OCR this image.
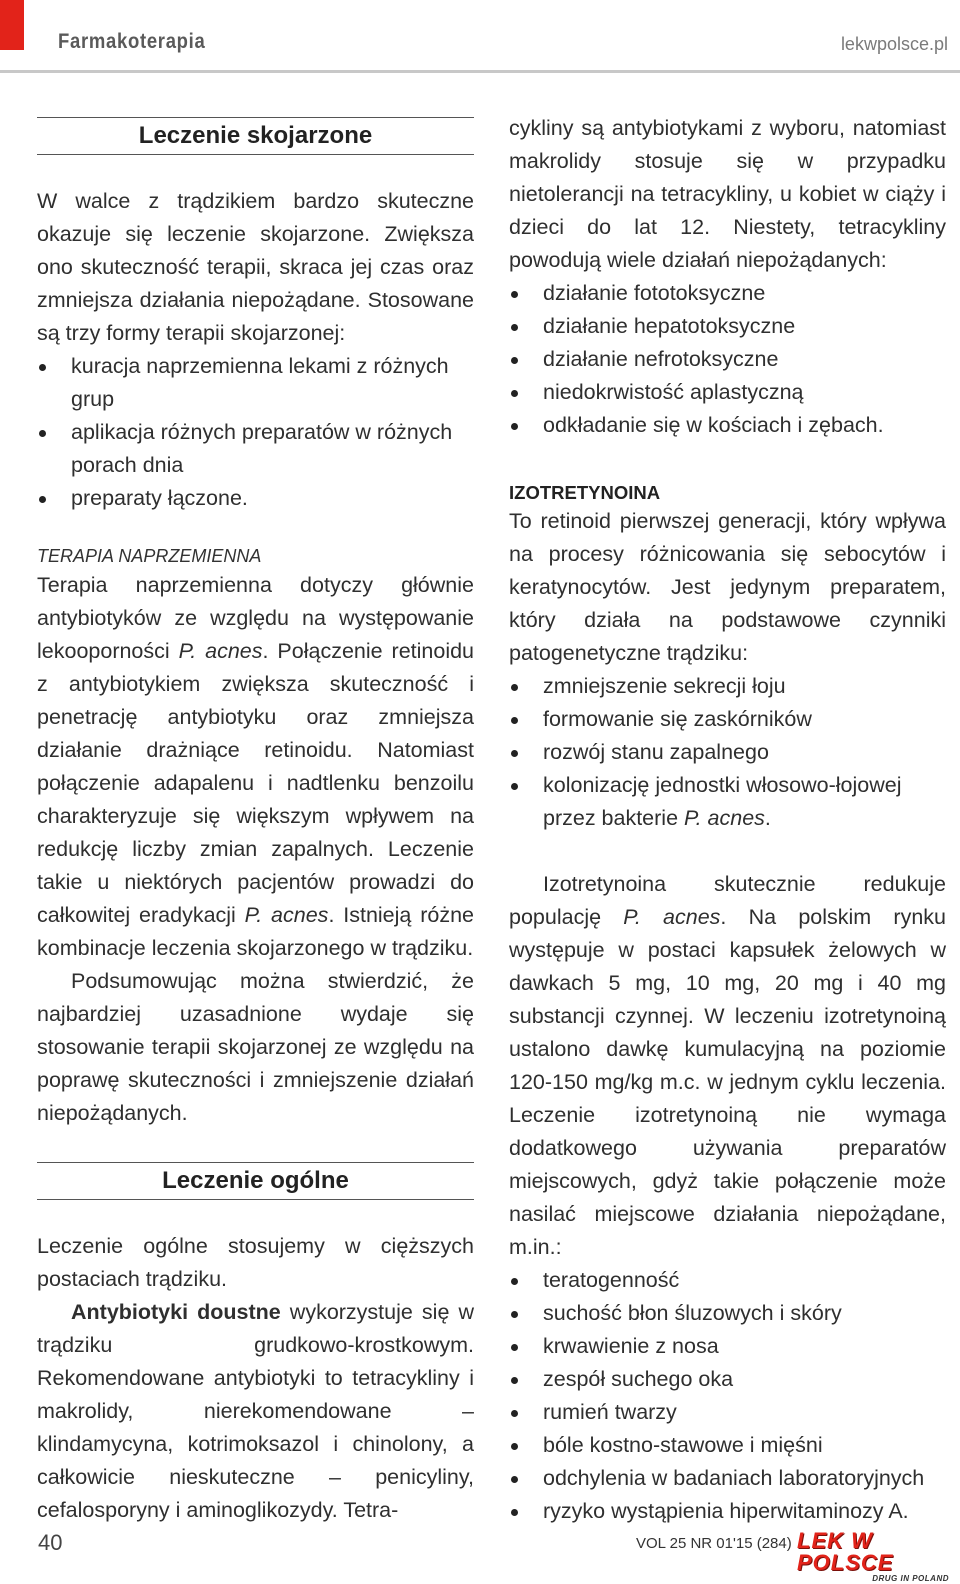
Farmakoterapia	lekwpolsce.pl
Leczenie skojarzone

W walce z trądzikiem bardzo skuteczne okazuje się leczenie skojarzone. Zwiększa ono skuteczność terapii, skraca jej czas oraz zmniejsza działania niepożądane. Stosowane są trzy formy terapii skojarzonej:

kuracja naprzemienna lekami z różnych grup
aplikacja różnych preparatów w różnych porach dnia
preparaty łączone.
TERAPIA NAPRZEMIENNA

Terapia naprzemienna dotyczy głównie antybiotyków ze względu na występowanie lekooporności P. acnes. Połączenie retinoidu z antybiotykiem zwiększa skuteczność i penetrację antybiotyku oraz zmniejsza działanie drażniące retinoidu. Natomiast połączenie adapalenu i nadtlenku benzoilu charakteryzuje się większym wpływem na redukcję liczby zmian zapalnych. Leczenie takie u niektórych pacjentów prowadzi do całkowitej eradykacji P. acnes. Istnieją różne kombinacje leczenia skojarzonego w trądziku.

Podsumowując można stwierdzić, że najbardziej uzasadnione wydaje się stosowanie terapii skojarzonej ze względu na poprawę skuteczności i zmniejszenie działań niepożądanych.

Leczenie ogólne

Leczenie ogólne stosujemy w cięższych postaciach trądziku.

Antybiotyki doustne wykorzystuje się w trądziku grudkowo-krostkowym. Rekomendowane antybiotyki to tetracykliny i makrolidy, nierekomendowane – klindamycyna, kotrimoksazol i chinolony, a całkowicie nieskuteczne – penicyliny, cefalosporyny i aminoglikozydy. Tetra-

cykliny są antybiotykami z wyboru, natomiast makrolidy stosuje się w przypadku nietolerancji na tetracykliny, u kobiet w ciąży i dzieci do lat 12. Niestety, tetracykliny powodują wiele działań niepożądanych:

działanie fototoksyczne
działanie hepatotoksyczne
działanie nefrotoksyczne
niedokrwistość aplastyczną
odkładanie się w kościach i zębach.
IZOTRETYNOINA

To retinoid pierwszej generacji, który wpływa na procesy różnicowania się sebocytów i keratynocytów. Jest jedynym preparatem, który działa na podstawowe czynniki patogenetyczne trądziku:

zmniejszenie sekrecji łoju
formowanie się zaskórników
rozwój stanu zapalnego
kolonizację jednostki włosowo-łojowej przez bakterie P. acnes.

Izotretynoina skutecznie redukuje populację P. acnes. Na polskim rynku występuje w postaci kapsułek żelowych w dawkach 5 mg, 10 mg, 20 mg i 40 mg substancji czynnej. W leczeniu izotretynoiną ustalono dawkę kumulacyjną na poziomie 120-150 mg/kg m.c. w jednym cyklu leczenia. Leczenie izotretynoiną nie wymaga dodatkowego używania preparatów miejscowych, gdyż takie połączenie może nasilać miejscowe działania niepożądane, m.in.:

teratogenność
suchość błon śluzowych i skóry
krwawienie z nosa
zespół suchego oka
rumień twarzy
bóle kostno-stawowe i mięśni
odchylenia w badaniach laboratoryjnych
ryzyko wystąpienia hiperwitaminozy A.
40	VOL 25 NR 01'15 (284) LEK W POLSCE
DRUG IN POLAND
